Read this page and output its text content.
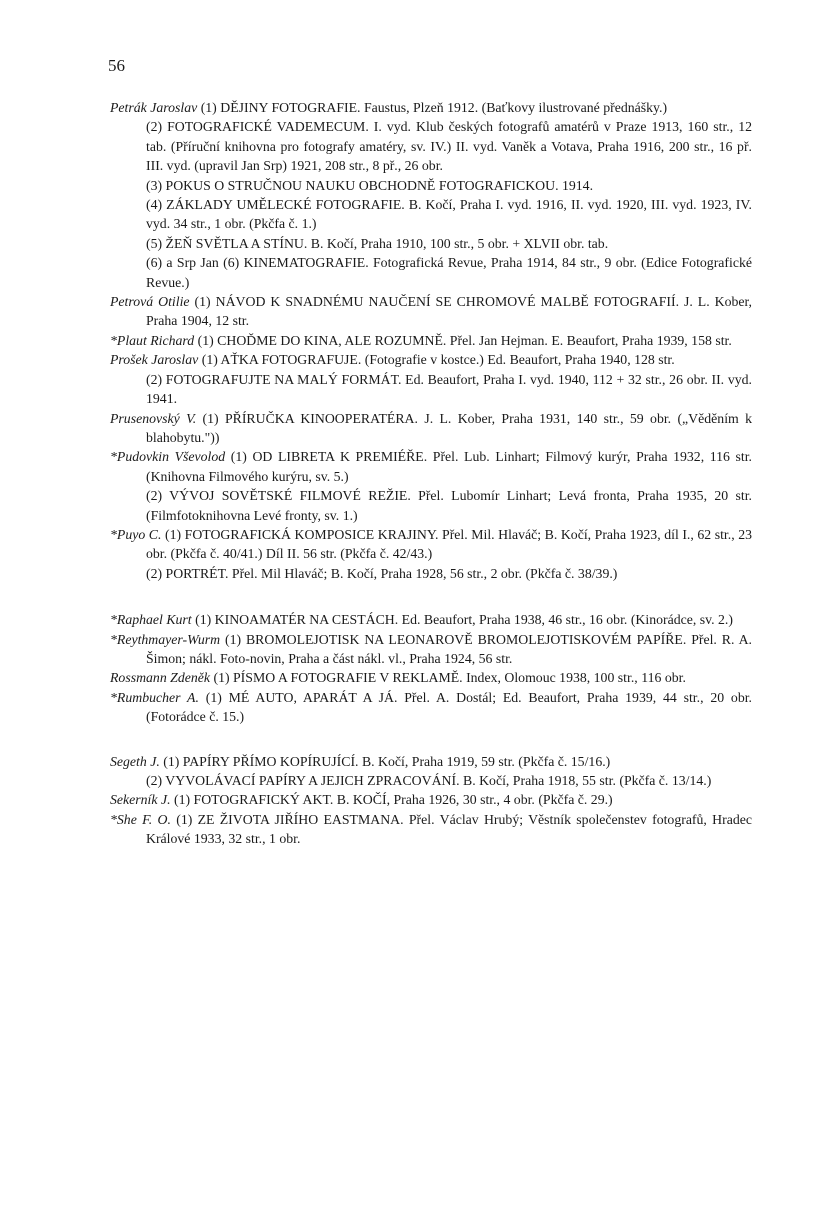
56

Petrák Jaroslav (1) DĚJINY FOTOGRAFIE. Faustus, Plzeň 1912. (Baťkovy ilustrované přednášky.)

(2) FOTOGRAFICKÉ VADEMECUM. I. vyd. Klub českých fotografů amatérů v Praze 1913, 160 str., 12 tab. (Příruční knihovna pro fotografy amatéry, sv. IV.) II. vyd. Vaněk a Votava, Praha 1916, 200 str., 16 př. III. vyd. (upravil Jan Srp) 1921, 208 str., 8 př., 26 obr.

(3) POKUS O STRUČNOU NAUKU OBCHODNĚ FOTOGRAFICKOU. 1914.

(4) ZÁKLADY UMĚLECKÉ FOTOGRAFIE. B. Kočí, Praha I. vyd. 1916, II. vyd. 1920, III. vyd. 1923, IV. vyd. 34 str., 1 obr. (Pkčfa č. 1.)

(5) ŽEŇ SVĚTLA A STÍNU. B. Kočí, Praha 1910, 100 str., 5 obr. + XLVII obr. tab.

(6) a Srp Jan (6) KINEMATOGRAFIE. Fotografická Revue, Praha 1914, 84 str., 9 obr. (Edice Fotografické Revue.)

Petrová Otilie (1) NÁVOD K SNADNÉMU NAUČENÍ SE CHROMOVÉ MALBĚ FOTOGRAFIÍ. J. L. Kober, Praha 1904, 12 str.

*Plaut Richard (1) CHOĎME DO KINA, ALE ROZUMNĚ. Přel. Jan Hejman. E. Beaufort, Praha 1939, 158 str.

Prošek Jaroslav (1) AŤKA FOTOGRAFUJE. (Fotografie v kostce.) Ed. Beaufort, Praha 1940, 128 str.

(2) FOTOGRAFUJTE NA MALÝ FORMÁT. Ed. Beaufort, Praha I. vyd. 1940, 112 + 32 str., 26 obr. II. vyd. 1941.

Prusenovský V. (1) PŘÍRUČKA KINOOPERATÉRA. J. L. Kober, Praha 1931, 140 str., 59 obr. („Věděním k blahobytu."))

*Pudovkin Vševolod (1) OD LIBRETA K PREMIÉŘE. Přel. Lub. Linhart; Filmový kurýr, Praha 1932, 116 str. (Knihovna Filmového kurýru, sv. 5.)

(2) VÝVOJ SOVĚTSKÉ FILMOVÉ REŽIE. Přel. Lubomír Linhart; Levá fronta, Praha 1935, 20 str. (Filmfotoknihovna Levé fronty, sv. 1.)

*Puyo C. (1) FOTOGRAFICKÁ KOMPOSICE KRAJINY. Přel. Mil. Hlaváč; B. Kočí, Praha 1923, díl I., 62 str., 23 obr. (Pkčfa č. 40/41.) Díl II. 56 str. (Pkčfa č. 42/43.)

(2) PORTRÉT. Přel. Mil Hlaváč; B. Kočí, Praha 1928, 56 str., 2 obr. (Pkčfa č. 38/39.)

*Raphael Kurt (1) KINOAMATÉR NA CESTÁCH. Ed. Beaufort, Praha 1938, 46 str., 16 obr. (Kinorádce, sv. 2.)

*Reythmayer-Wurm (1) BROMOLEJOTISK NA LEONAROVĚ BROMOLEJOTISKOVÉM PAPÍŘE. Přel. R. A. Šimon; nákl. Foto-novin, Praha a část nákl. vl., Praha 1924, 56 str.

Rossmann Zdeněk (1) PÍSMO A FOTOGRAFIE V REKLAMĚ. Index, Olomouc 1938, 100 str., 116 obr.

*Rumbucher A. (1) MÉ AUTO, APARÁT A JÁ. Přel. A. Dostál; Ed. Beaufort, Praha 1939, 44 str., 20 obr. (Fotorádce č. 15.)

Segeth J. (1) PAPÍRY PŘÍMO KOPÍRUJÍCÍ. B. Kočí, Praha 1919, 59 str. (Pkčfa č. 15/16.)

(2) VYVOLÁVACÍ PAPÍRY A JEJICH ZPRACOVÁNÍ. B. Kočí, Praha 1918, 55 str. (Pkčfa č. 13/14.)

Sekerník J. (1) FOTOGRAFICKÝ AKT. B. KOČÍ, Praha 1926, 30 str., 4 obr. (Pkčfa č. 29.)

*She F. O. (1) ZE ŽIVOTA JIŘÍHO EASTMANA. Přel. Václav Hrubý; Věstník společenstev fotografů, Hradec Králové 1933, 32 str., 1 obr.
